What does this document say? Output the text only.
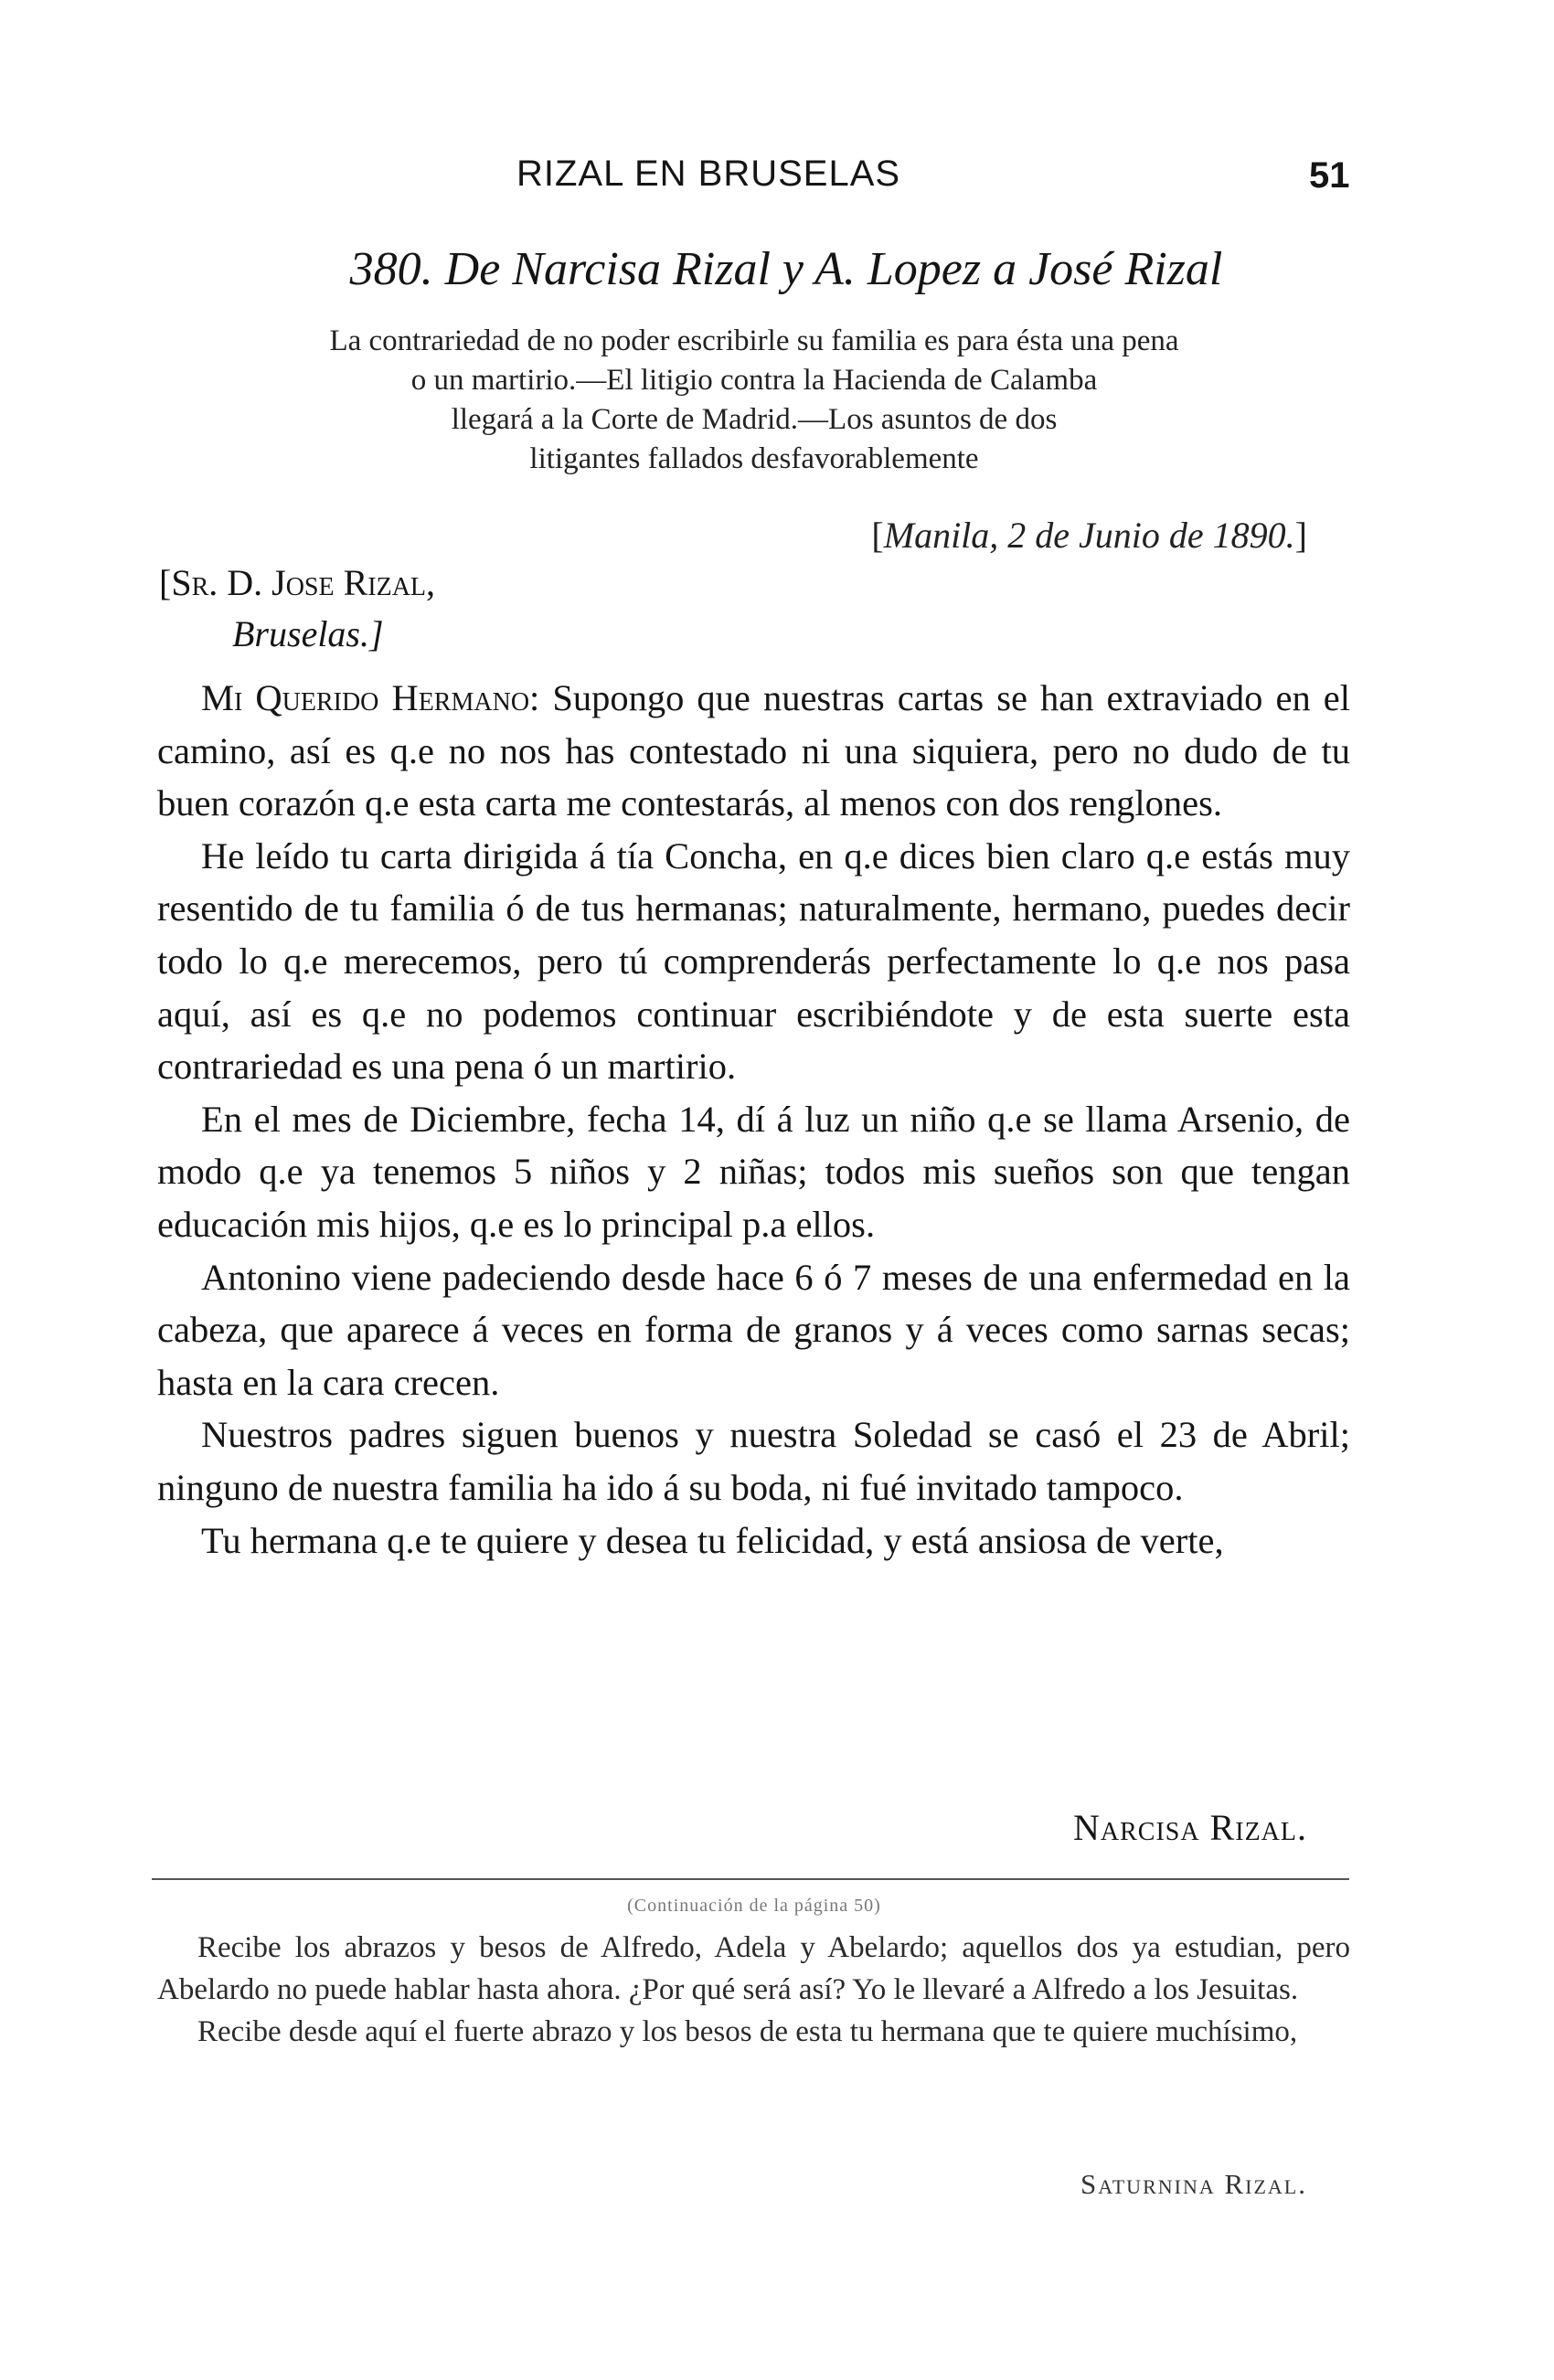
RIZAL EN BRUSELAS	51
380. De Narcisa Rizal y A. Lopez a José Rizal
La contrariedad de no poder escribirle su familia es para ésta una pena
o un martirio.—El litigio contra la Hacienda de Calamba
llegará a la Corte de Madrid.—Los asuntos de dos
litigantes fallados desfavorablemente
[Manila, 2 de Junio de 1890.]
[Sr. D. Jose Rizal,
Bruselas.]

Mi Querido Hermano: Supongo que nuestras cartas se han extraviado en el camino, así es q.e no nos has contestado ni una siquiera, pero no dudo de tu buen corazón q.e esta carta me contestarás, al menos con dos renglones.

He leído tu carta dirigida á tía Concha, en q.e dices bien claro q.e estás muy resentido de tu familia ó de tus hermanas; naturalmente, hermano, puedes decir todo lo q.e merecemos, pero tú comprenderás perfectamente lo q.e nos pasa aquí, así es q.e no podemos continuar escribiéndote y de esta suerte esta contrariedad es una pena ó un martirio.

En el mes de Diciembre, fecha 14, dí á luz un niño q.e se llama Arsenio, de modo q.e ya tenemos 5 niños y 2 niñas; todos mis sueños son que tengan educación mis hijos, q.e es lo principal p.a ellos.

Antonino viene padeciendo desde hace 6 ó 7 meses de una enfermedad en la cabeza, que aparece á veces en forma de granos y á veces como sarnas secas; hasta en la cara crecen.

Nuestros padres siguen buenos y nuestra Soledad se casó el 23 de Abril; ninguno de nuestra familia ha ido á su boda, ni fué invitado tampoco.

Tu hermana q.e te quiere y desea tu felicidad, y está ansiosa de verte,

Narcisa Rizal.
(Continuación de la página 50)

Recibe los abrazos y besos de Alfredo, Adela y Abelardo; aquellos dos ya estudian, pero Abelardo no puede hablar hasta ahora. ¿Por qué será así? Yo le llevaré a Alfredo a los Jesuitas.

Recibe desde aquí el fuerte abrazo y los besos de esta tu hermana que te quiere muchísimo,

Saturnina Rizal.
